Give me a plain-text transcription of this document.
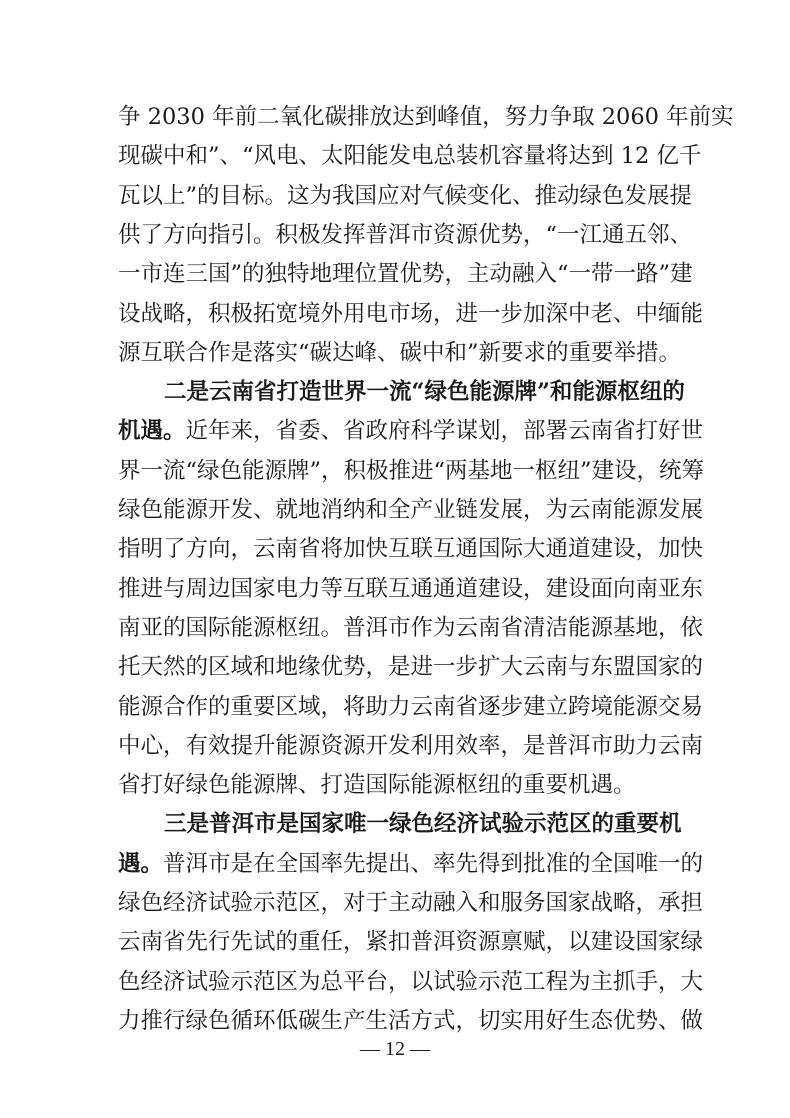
争 2030 年前二氧化碳排放达到峰值，努力争取 2060 年前实
现碳中和”、“风电、太阳能发电总装机容量将达到 12 亿千
瓦以上”的目标。这为我国应对气候变化、推动绿色发展提
供了方向指引。积极发挥普洱市资源优势，“一江通五邻、
一市连三国”的独特地理位置优势，主动融入“一带一路”建
设战略，积极拓宽境外用电市场，进一步加深中老、中缅能
源互联合作是落实“碳达峰、碳中和”新要求的重要举措。
二是云南省打造世界一流“绿色能源牌”和能源枢纽的
机遇。近年来，省委、省政府科学谋划，部署云南省打好世
界一流“绿色能源牌”，积极推进“两基地一枢纽”建设，统筹
绿色能源开发、就地消纳和全产业链发展，为云南能源发展
指明了方向，云南省将加快互联互通国际大通道建设，加快
推进与周边国家电力等互联互通通道建设，建设面向南亚东
南亚的国际能源枢纽。普洱市作为云南省清洁能源基地，依
托天然的区域和地缘优势，是进一步扩大云南与东盟国家的
能源合作的重要区域，将助力云南省逐步建立跨境能源交易
中心，有效提升能源资源开发利用效率，是普洱市助力云南
省打好绿色能源牌、打造国际能源枢纽的重要机遇。
三是普洱市是国家唯一绿色经济试验示范区的重要机
遇。普洱市是在全国率先提出、率先得到批准的全国唯一的
绿色经济试验示范区，对于主动融入和服务国家战略，承担
云南省先行先试的重任，紧扣普洱资源禀赋，以建设国家绿
色经济试验示范区为总平台，以试验示范工程为主抓手，大
力推行绿色循环低碳生产生活方式，切实用好生态优势、做
— 12 —
